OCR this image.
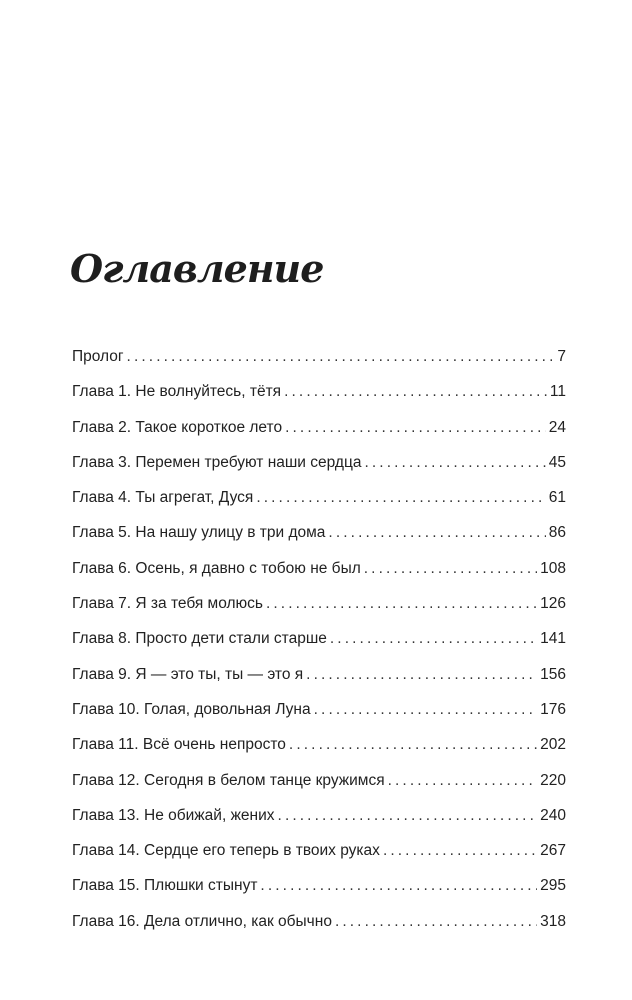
Оглавление
Пролог . . .	7
Глава 1. Не волнуйтесь, тётя . . .	11
Глава 2. Такое короткое лето . . .	24
Глава 3. Перемен требуют наши сердца . . .	45
Глава 4. Ты агрегат, Дуся . . .	61
Глава 5. На нашу улицу в три дома . . .	86
Глава 6. Осень, я давно с тобою не был . . .	108
Глава 7. Я за тебя молюсь . . .	126
Глава 8. Просто дети стали старше . . .	141
Глава 9. Я — это ты, ты — это я . . .	156
Глава 10. Голая, довольная Луна . . .	176
Глава 11. Всё очень непросто . . .	202
Глава 12. Сегодня в белом танце кружимся . . .	220
Глава 13. Не обижай, жених . . .	240
Глава 14. Сердце его теперь в твоих руках . . .	267
Глава 15. Плюшки стынут . . .	295
Глава 16. Дела отлично, как обычно . . .	318
